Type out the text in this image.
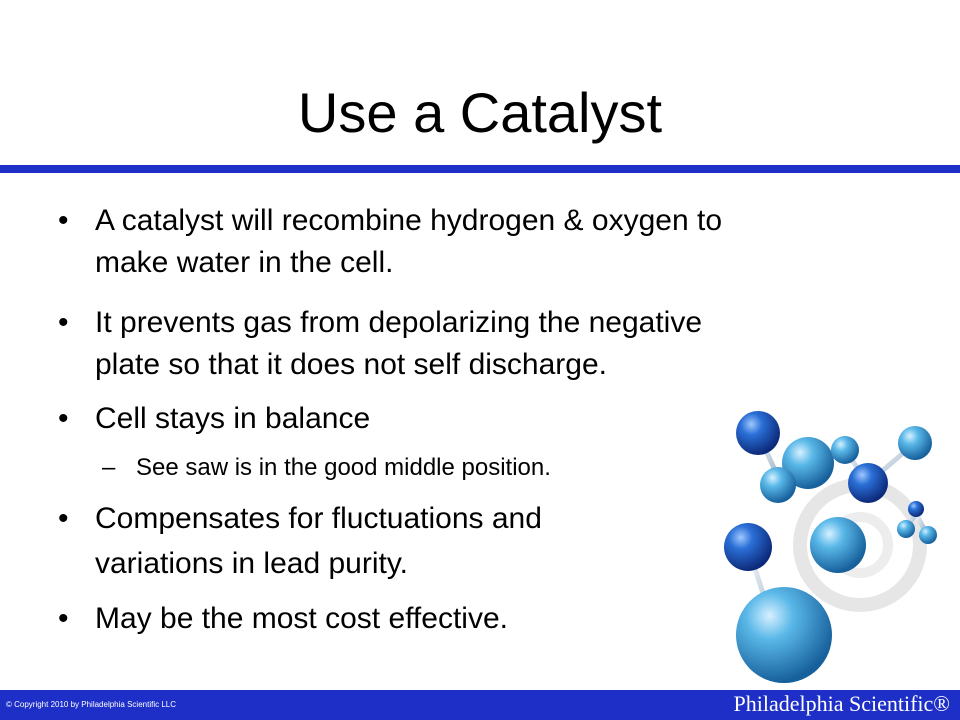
Use a Catalyst
• A catalyst will recombine hydrogen & oxygen to
make water in the cell.
• It prevents gas from depolarizing the negative
plate so that it does not self discharge.
• Cell stays in balance
– See saw is in the good middle position.
• Compensates for fluctuations and
variations in lead purity.
• May be the most cost effective.
© Copyright 2010 by Philadelphia Scientific LLC	Philadelphia Scientific®
